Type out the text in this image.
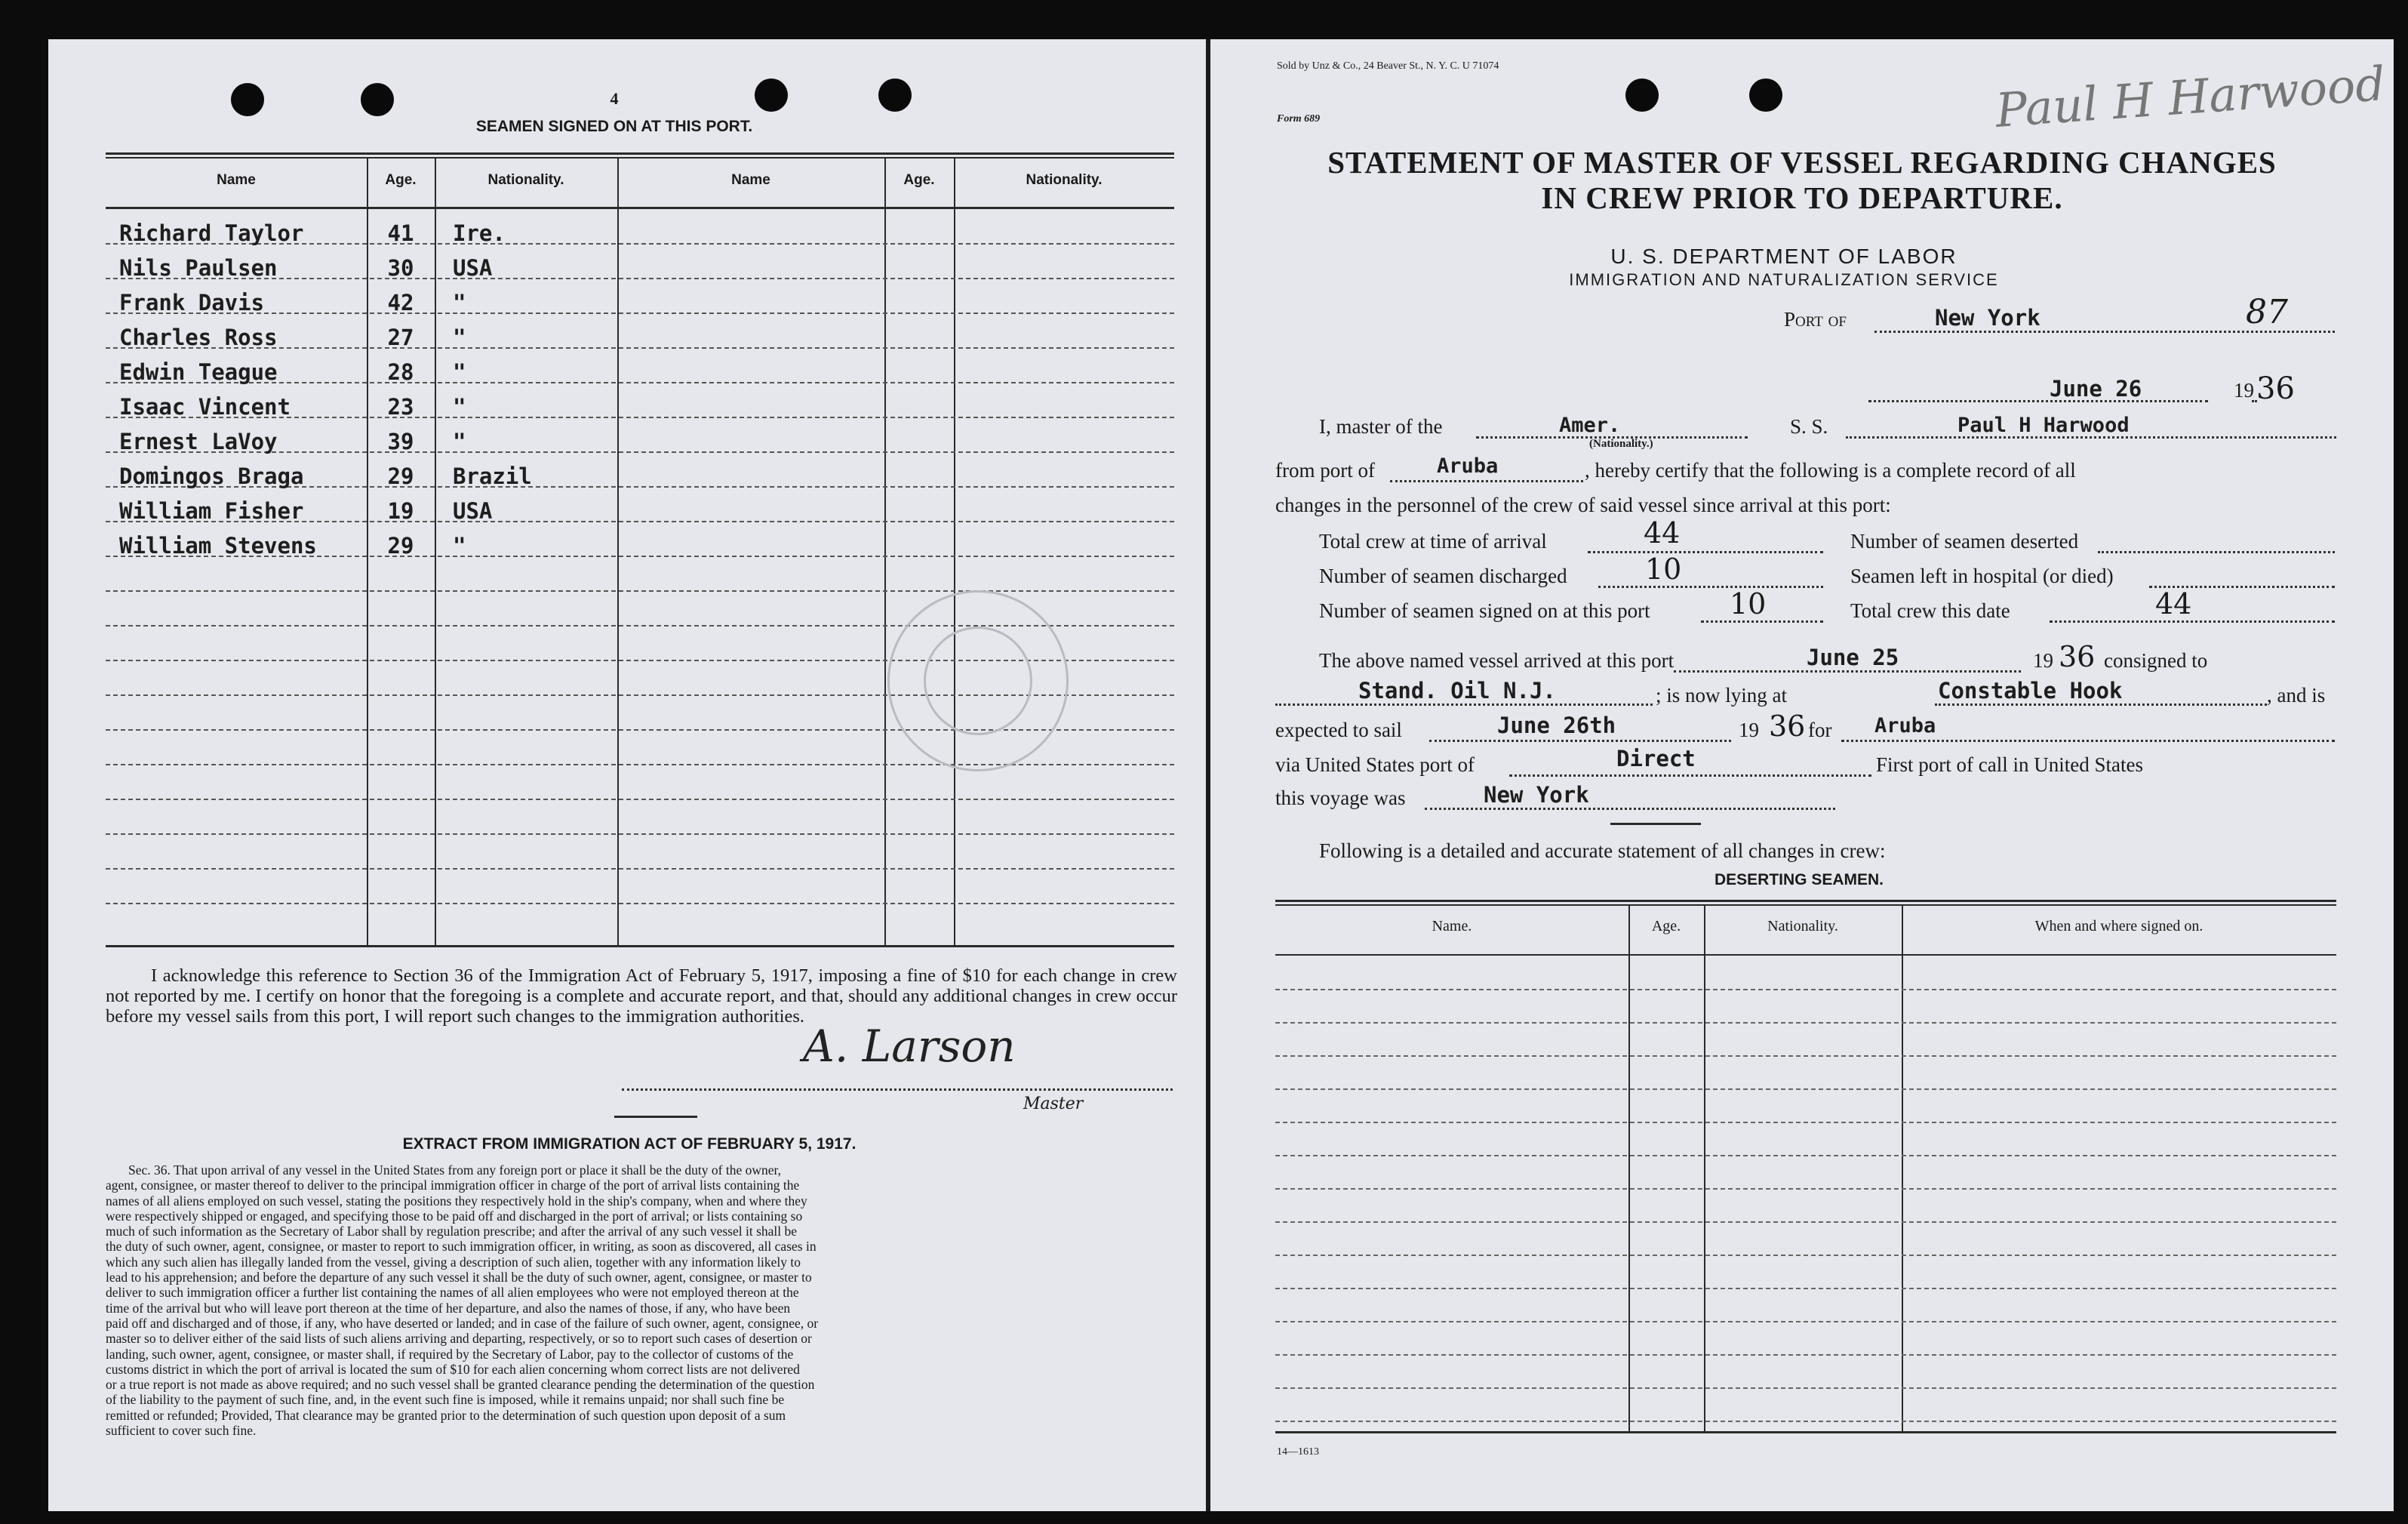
4
SEAMEN SIGNED ON AT THIS PORT.
Name	Age.	Nationality.	Name	Age.	Nationality.
Richard Taylor	41	Ire.
Nils Paulsen	30	USA
Frank Davis	42	"
Charles Ross	27	"
Edwin Teague	28	"
Isaac Vincent	23	"
Ernest LaVoy	39	"
Domingos Braga	29	Brazil
William Fisher	19	USA
William Stevens	29	"
I acknowledge this reference to Section 36 of the Immigration Act of February 5, 1917, imposing a fine of $10 for each change in crew not reported by me. I certify on honor that the foregoing is a complete and accurate report, and that, should any additional changes in crew occur before my vessel sails from this port, I will report such changes to the immigration authorities.
A. Larson
Master
EXTRACT FROM IMMIGRATION ACT OF FEBRUARY 5, 1917.
Sec. 36. That upon arrival of any vessel in the United States from any foreign port or place it shall be the duty of the owner,
agent, consignee, or master thereof to deliver to the principal immigration officer in charge of the port of arrival lists containing the
names of all aliens employed on such vessel, stating the positions they respectively hold in the ship's company, when and where they
were respectively shipped or engaged, and specifying those to be paid off and discharged in the port of arrival; or lists containing so
much of such information as the Secretary of Labor shall by regulation prescribe; and after the arrival of any such vessel it shall be
the duty of such owner, agent, consignee, or master to report to such immigration officer, in writing, as soon as discovered, all cases in
which any such alien has illegally landed from the vessel, giving a description of such alien, together with any information likely to
lead to his apprehension; and before the departure of any such vessel it shall be the duty of such owner, agent, consignee, or master to
deliver to such immigration officer a further list containing the names of all alien employees who were not employed thereon at the
time of the arrival but who will leave port thereon at the time of her departure, and also the names of those, if any, who have been
paid off and discharged and of those, if any, who have deserted or landed; and in case of the failure of such owner, agent, consignee, or
master so to deliver either of the said lists of such aliens arriving and departing, respectively, or so to report such cases of desertion or
landing, such owner, agent, consignee, or master shall, if required by the Secretary of Labor, pay to the collector of customs of the
customs district in which the port of arrival is located the sum of $10 for each alien concerning whom correct lists are not delivered
or a true report is not made as above required; and no such vessel shall be granted clearance pending the determination of the question
of the liability to the payment of such fine, and, in the event such fine is imposed, while it remains unpaid; nor shall such fine be
remitted or refunded; Provided, That clearance may be granted prior to the determination of such question upon deposit of a sum
sufficient to cover such fine.
Sold by Unz & Co., 24 Beaver St., N. Y. C. U 71074
Form 689	Paul H Harwood
STATEMENT OF MASTER OF VESSEL REGARDING CHANGES
IN CREW PRIOR TO DEPARTURE.
U. S. DEPARTMENT OF LABOR
IMMIGRATION AND NATURALIZATION SERVICE
Port of	New York	87
June 26	19 36
I, master of the	Amer.
(Nationality.)
S. S.	Paul H Harwood
from port of	Aruba	, hereby certify that the following is a complete record of all
changes in the personnel of the crew of said vessel since arrival at this port:
Total crew at time of arrival	44
Number of seamen discharged	10
Number of seamen signed on at this port	10
Number of seamen deserted
Seamen left in hospital (or died)
Total crew this date	44
The above named vessel arrived at this port	June 25	19 36 consigned to
Stand. Oil N.J.	; is now lying at	Constable Hook	, and is
expected to sail	June 26th	19 36 for Aruba
via United States port of	Direct	First port of call in United States
this voyage was	New York
Following is a detailed and accurate statement of all changes in crew:
DESERTING SEAMEN.
Name.	Age.	Nationality.	When and where signed on.
14—1613
